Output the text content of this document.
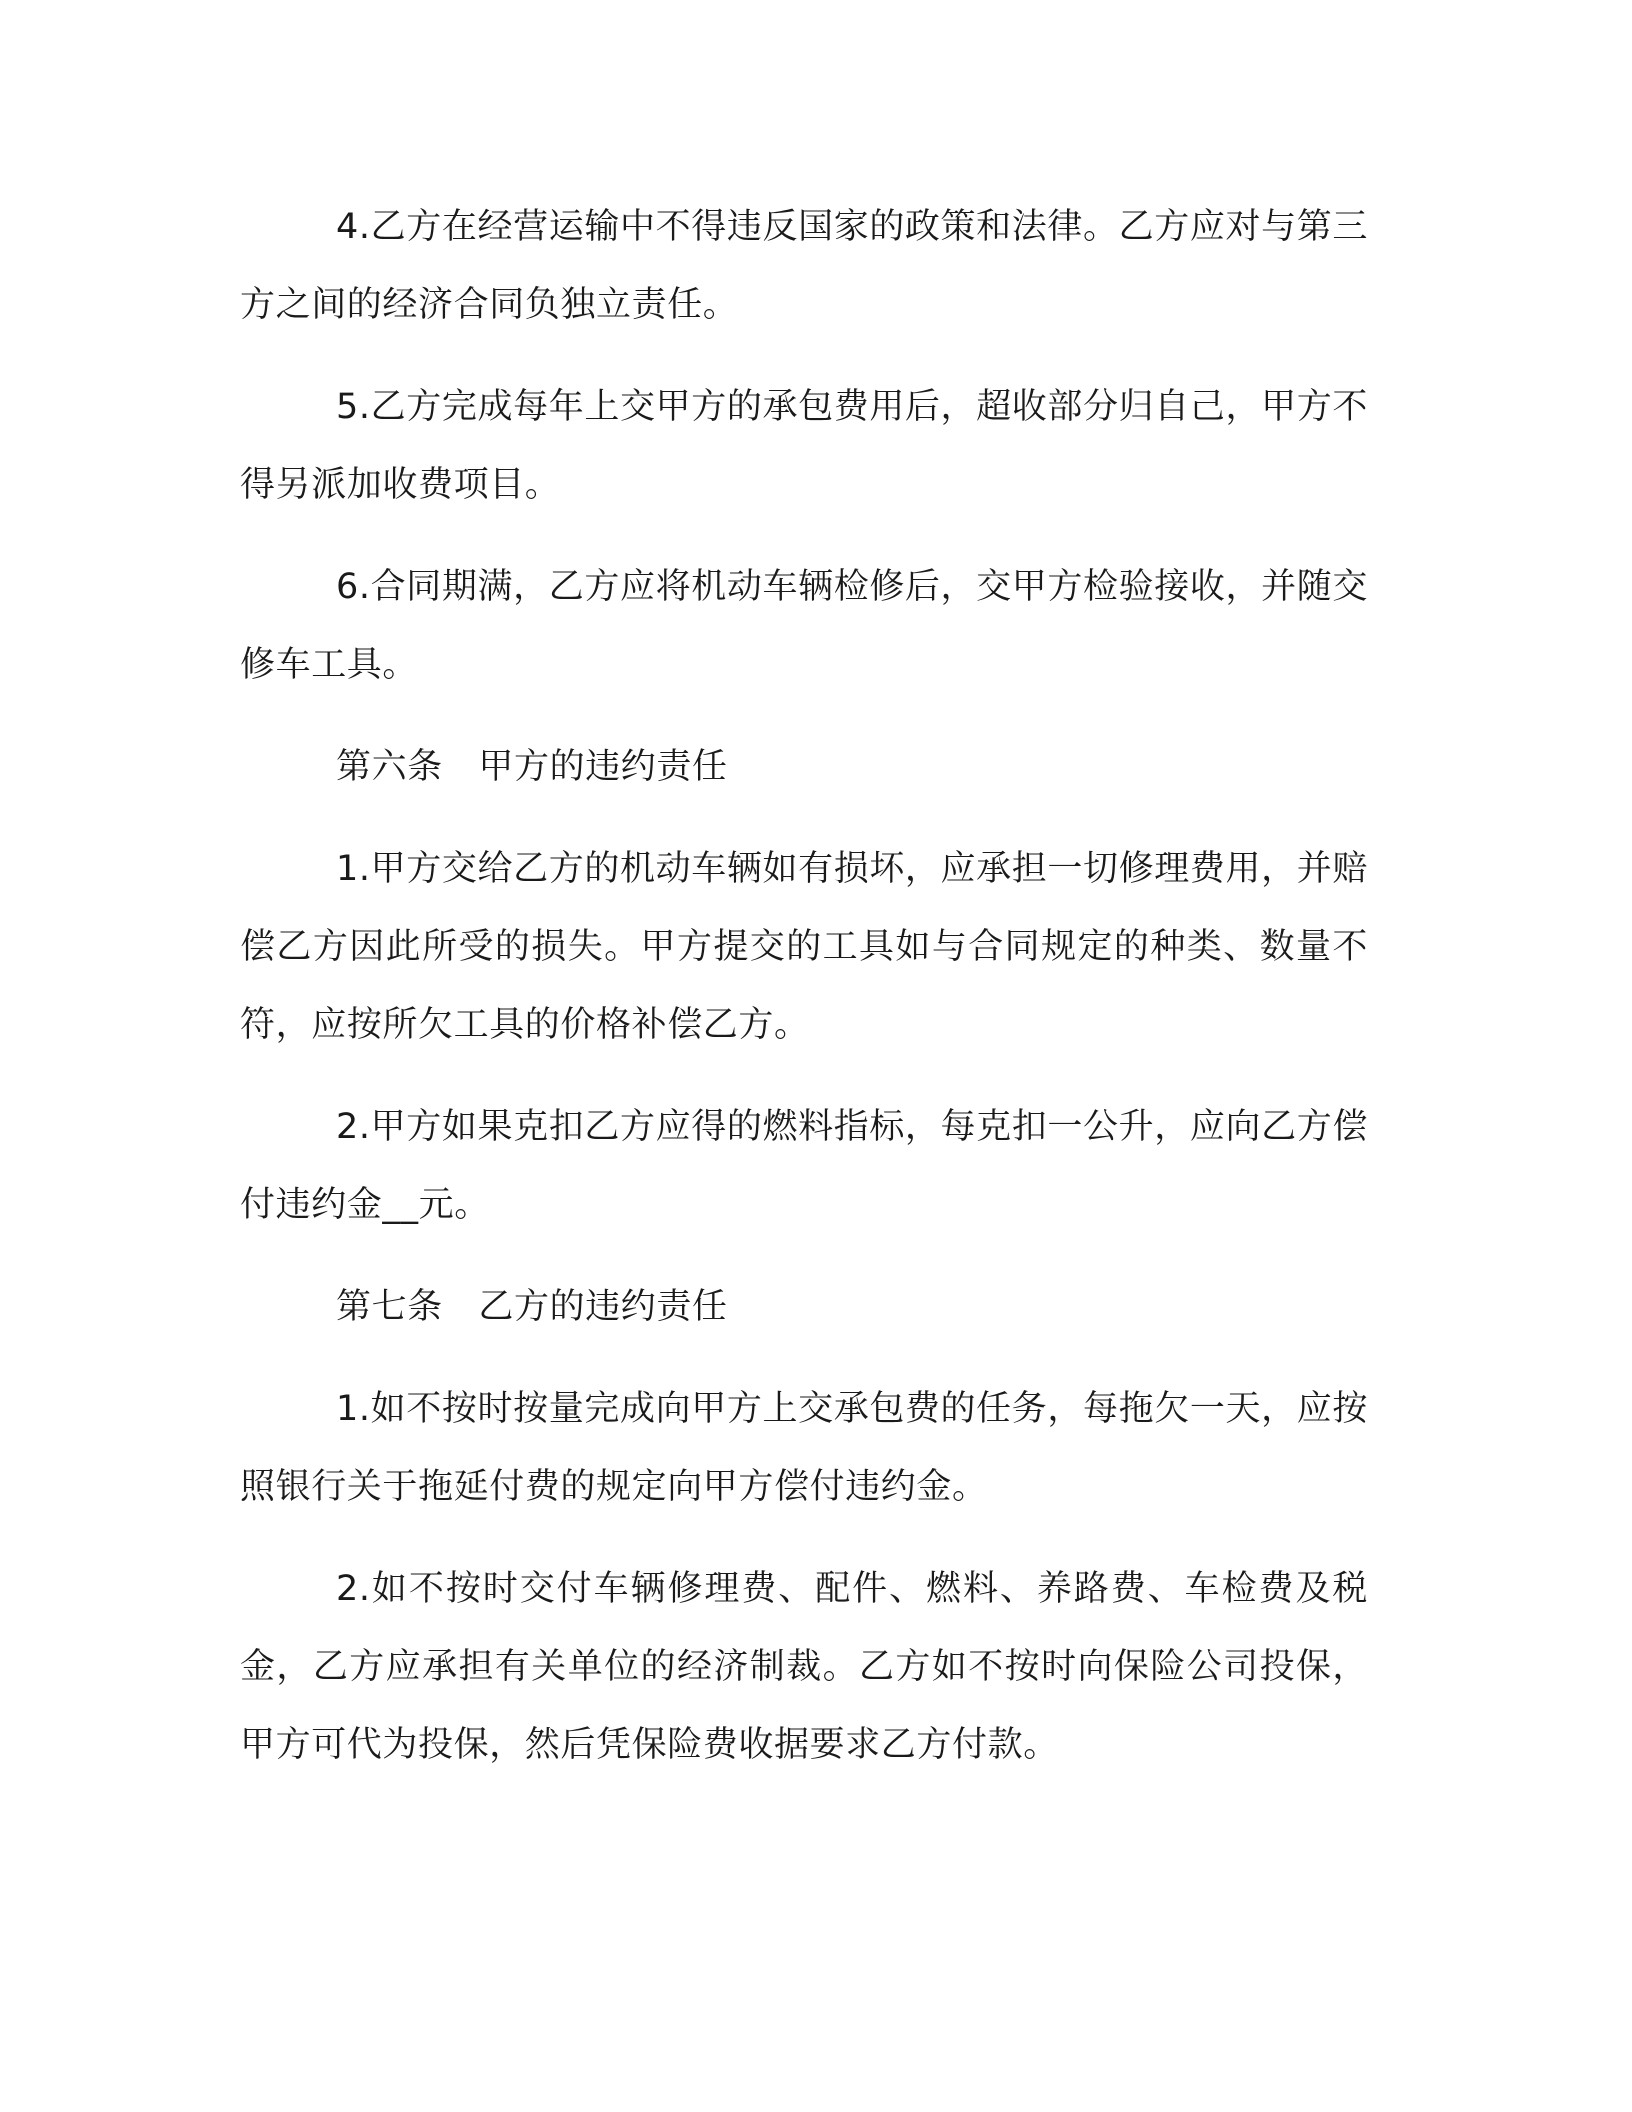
4.乙方在经营运输中不得违反国家的政策和法律。乙方应对与第三方之间的经济合同负独立责任。

5.乙方完成每年上交甲方的承包费用后，超收部分归自己，甲方不得另派加收费项目。

6.合同期满，乙方应将机动车辆检修后，交甲方检验接收，并随交修车工具。

第六条　甲方的违约责任

1.甲方交给乙方的机动车辆如有损坏，应承担一切修理费用，并赔偿乙方因此所受的损失。甲方提交的工具如与合同规定的种类、数量不符，应按所欠工具的价格补偿乙方。

2.甲方如果克扣乙方应得的燃料指标，每克扣一公升，应向乙方偿付违约金__元。

第七条　乙方的违约责任

1.如不按时按量完成向甲方上交承包费的任务，每拖欠一天，应按照银行关于拖延付费的规定向甲方偿付违约金。

2.如不按时交付车辆修理费、配件、燃料、养路费、车检费及税金，乙方应承担有关单位的经济制裁。乙方如不按时向保险公司投保，甲方可代为投保，然后凭保险费收据要求乙方付款。
